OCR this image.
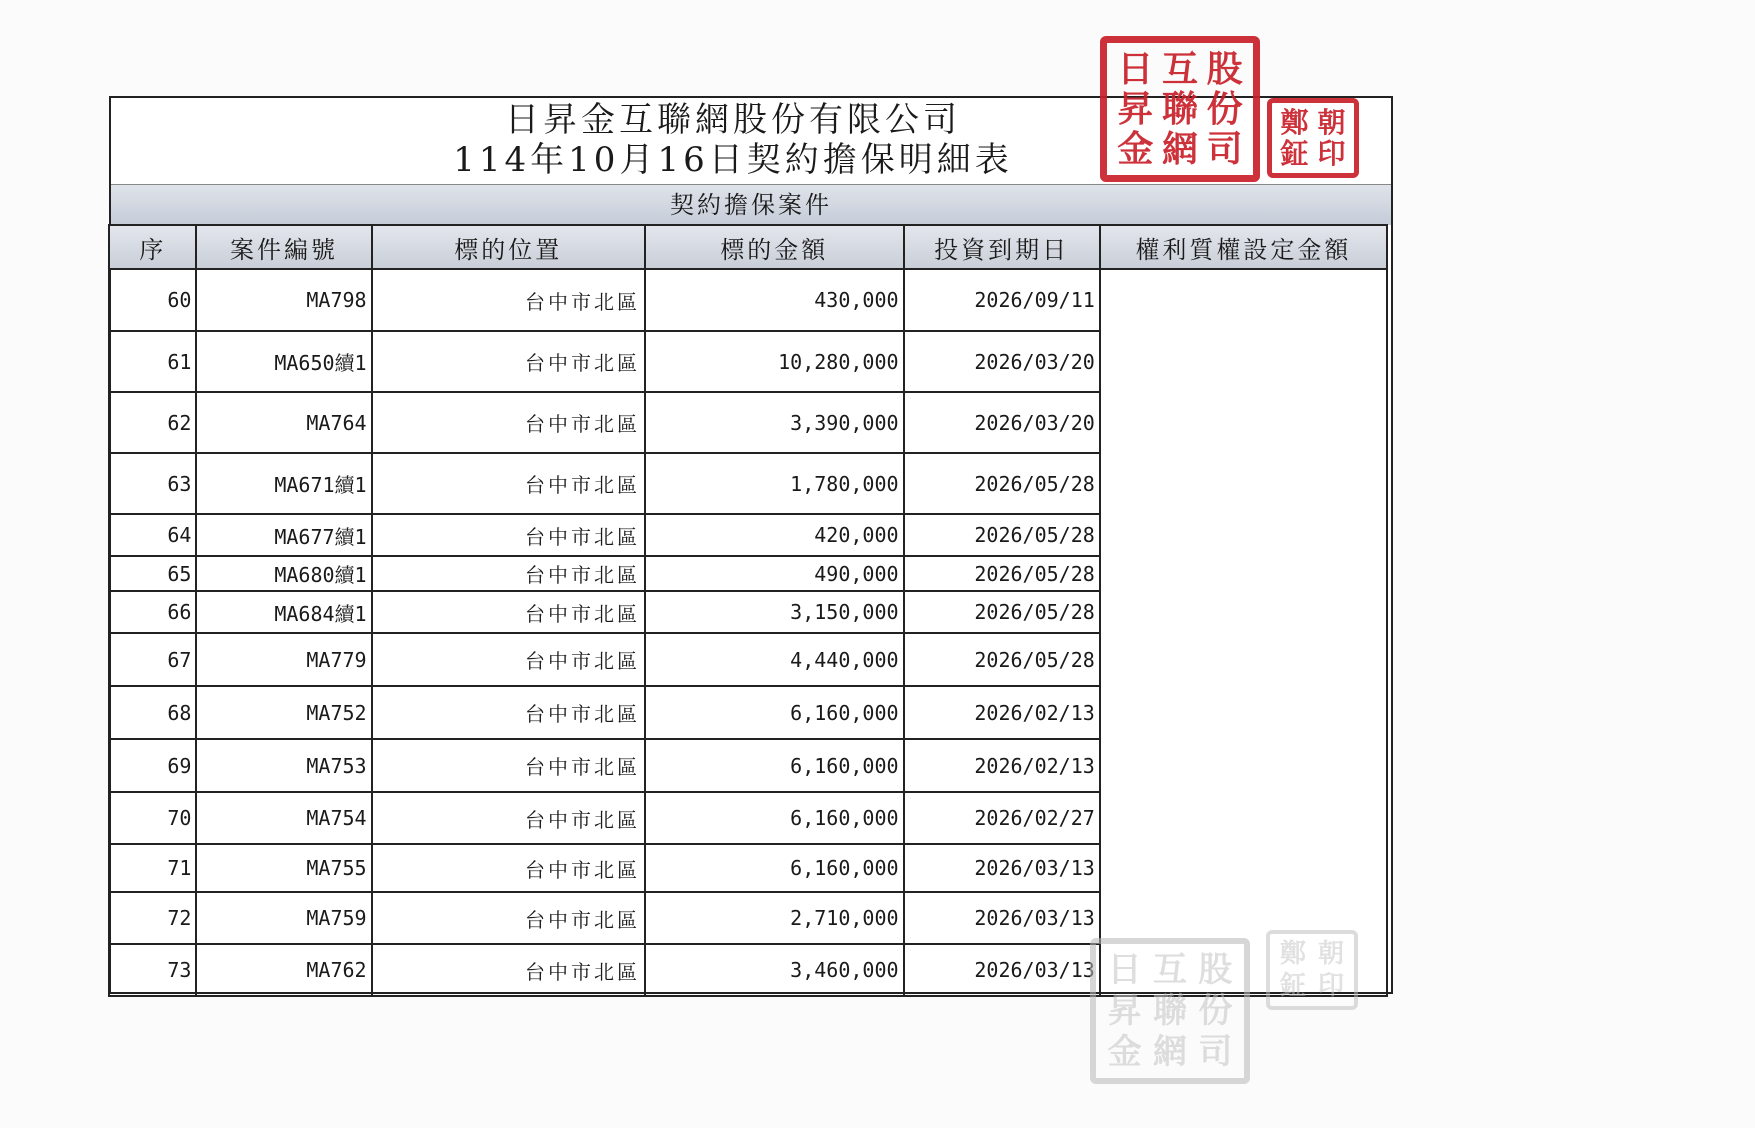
日昇金互聯網股份有限公司
114年10月16日契約擔保明細表
契約擔保案件
序	案件編號	標的位置	標的金額	投資到期日	權利質權設定金額
60	MA798	台中市北區	430,000	2026/09/11	
61	MA650續1	台中市北區	10,280,000	2026/03/20	
62	MA764	台中市北區	3,390,000	2026/03/20	
63	MA671續1	台中市北區	1,780,000	2026/05/28	
64	MA677續1	台中市北區	420,000	2026/05/28	
65	MA680續1	台中市北區	490,000	2026/05/28	
66	MA684續1	台中市北區	3,150,000	2026/05/28	
67	MA779	台中市北區	4,440,000	2026/05/28	
68	MA752	台中市北區	6,160,000	2026/02/13	
69	MA753	台中市北區	6,160,000	2026/02/13	
70	MA754	台中市北區	6,160,000	2026/02/27	
71	MA755	台中市北區	6,160,000	2026/03/13	
72	MA759	台中市北區	2,710,000	2026/03/13	
73	MA762	台中市北區	3,460,000	2026/03/13	
日 互 股
昇 聯 份
金 網 司
鄭 朝
鉦 印
日 互 股
昇 聯 份
金 網 司
鄭 朝
鉦 印
